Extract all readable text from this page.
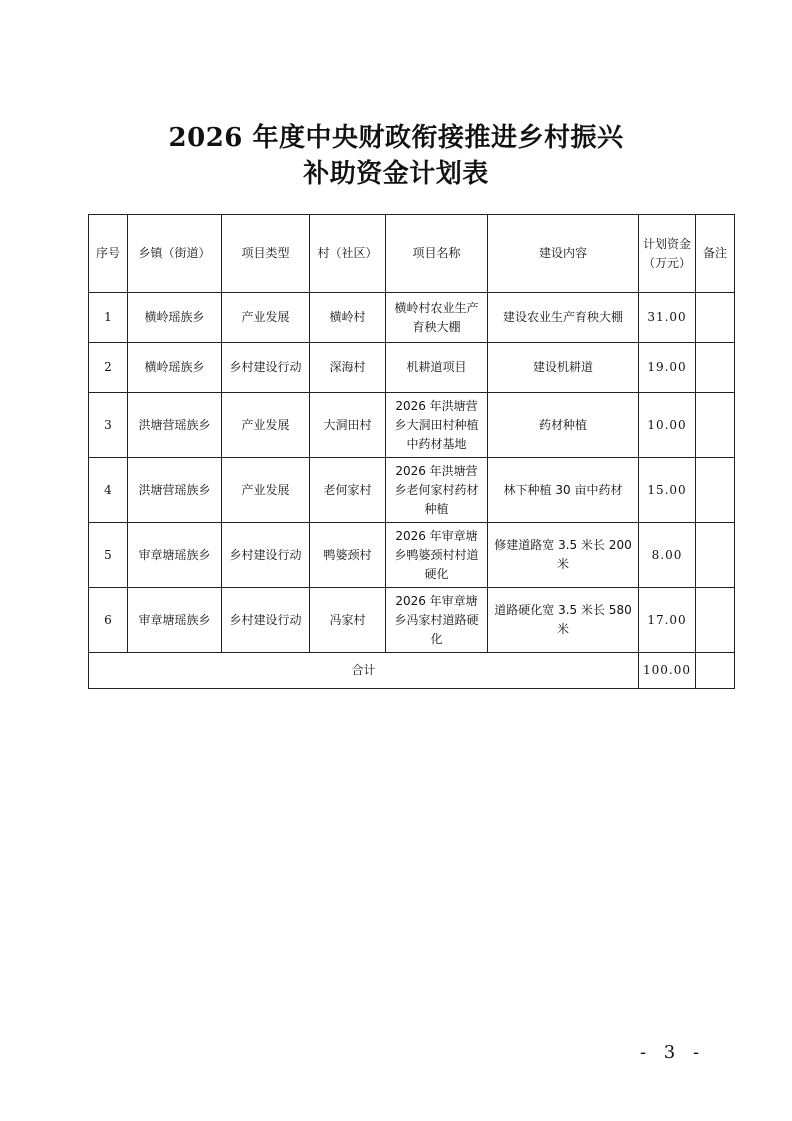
2026 年度中央财政衔接推进乡村振兴
补助资金计划表
序号	乡镇（街道）	项目类型	村（社区）	项目名称	建设内容	计划资金（万元）	备注
1	横岭瑶族乡	产业发展	横岭村	横岭村农业生产育秧大棚	建设农业生产育秧大棚	31.00	
2	横岭瑶族乡	乡村建设行动	深海村	机耕道项目	建设机耕道	19.00	
3	洪塘营瑶族乡	产业发展	大洞田村	2026 年洪塘营乡大洞田村种植中药材基地	药材种植	10.00	
4	洪塘营瑶族乡	产业发展	老何家村	2026 年洪塘营乡老何家村药材种植	林下种植 30 亩中药材	15.00	
5	审章塘瑶族乡	乡村建设行动	鸭婆颈村	2026 年审章塘乡鸭婆颈村村道硬化	修建道路宽 3.5 米长 200 米	8.00	
6	审章塘瑶族乡	乡村建设行动	冯家村	2026 年审章塘乡冯家村道路硬化	道路硬化宽 3.5 米长 580 米	17.00	
合计						100.00	
- 3 -
